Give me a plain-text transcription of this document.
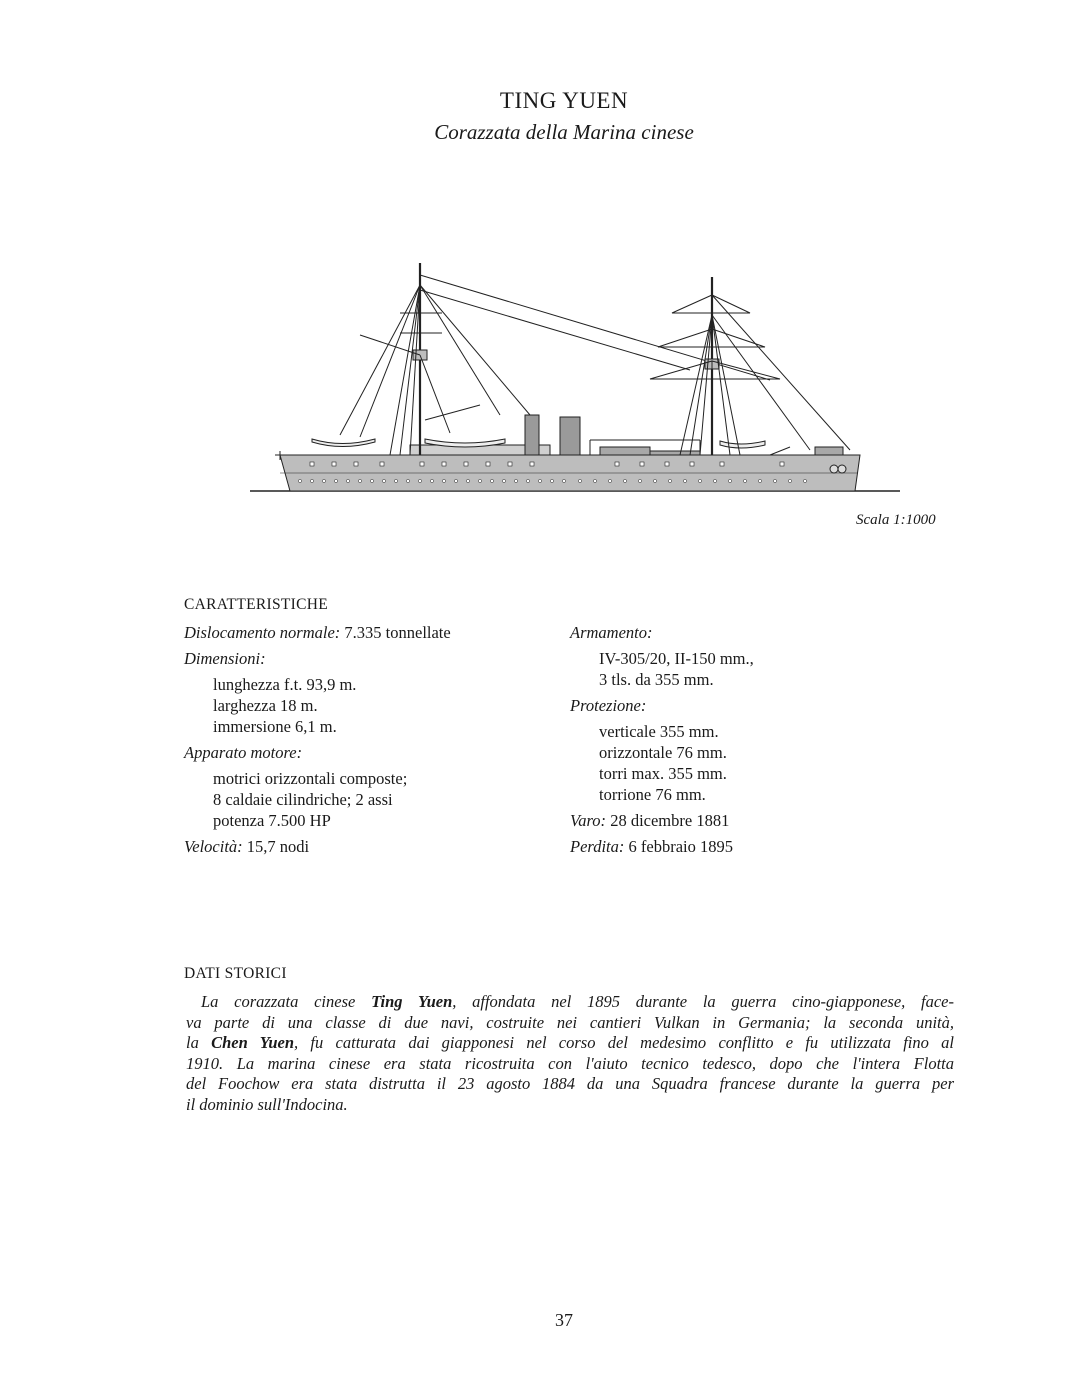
TING YUEN
Corazzata della Marina cinese
Scala 1:1000
CARATTERISTICHE
Dislocamento normale: 7.335 tonnellate
Dimensioni:
lunghezza f.t. 93,9 m.
larghezza 18 m.
immersione 6,1 m.
Apparato motore:
motrici orizzontali composte;
8 caldaie cilindriche; 2 assi
potenza 7.500 HP
Velocità: 15,7 nodi
Armamento:
IV-305/20, II-150 mm.,
3 tls. da 355 mm.
Protezione:
verticale 355 mm.
orizzontale 76 mm.
torri max. 355 mm.
torrione 76 mm.
Varo: 28 dicembre 1881
Perdita: 6 febbraio 1895
DATI STORICI
La corazzata cinese Ting Yuen, affondata nel 1895 durante la guerra cino-giapponese, face-
va parte di una classe di due navi, costruite nei cantieri Vulkan in Germania; la seconda unità,
la Chen Yuen, fu catturata dai giapponesi nel corso del medesimo conflitto e fu utilizzata fino al
1910. La marina cinese era stata ricostruita con l'aiuto tecnico tedesco, dopo che l'intera Flotta
del Foochow era stata distrutta il 23 agosto 1884 da una Squadra francese durante la guerra per
il dominio sull'Indocina.
37
